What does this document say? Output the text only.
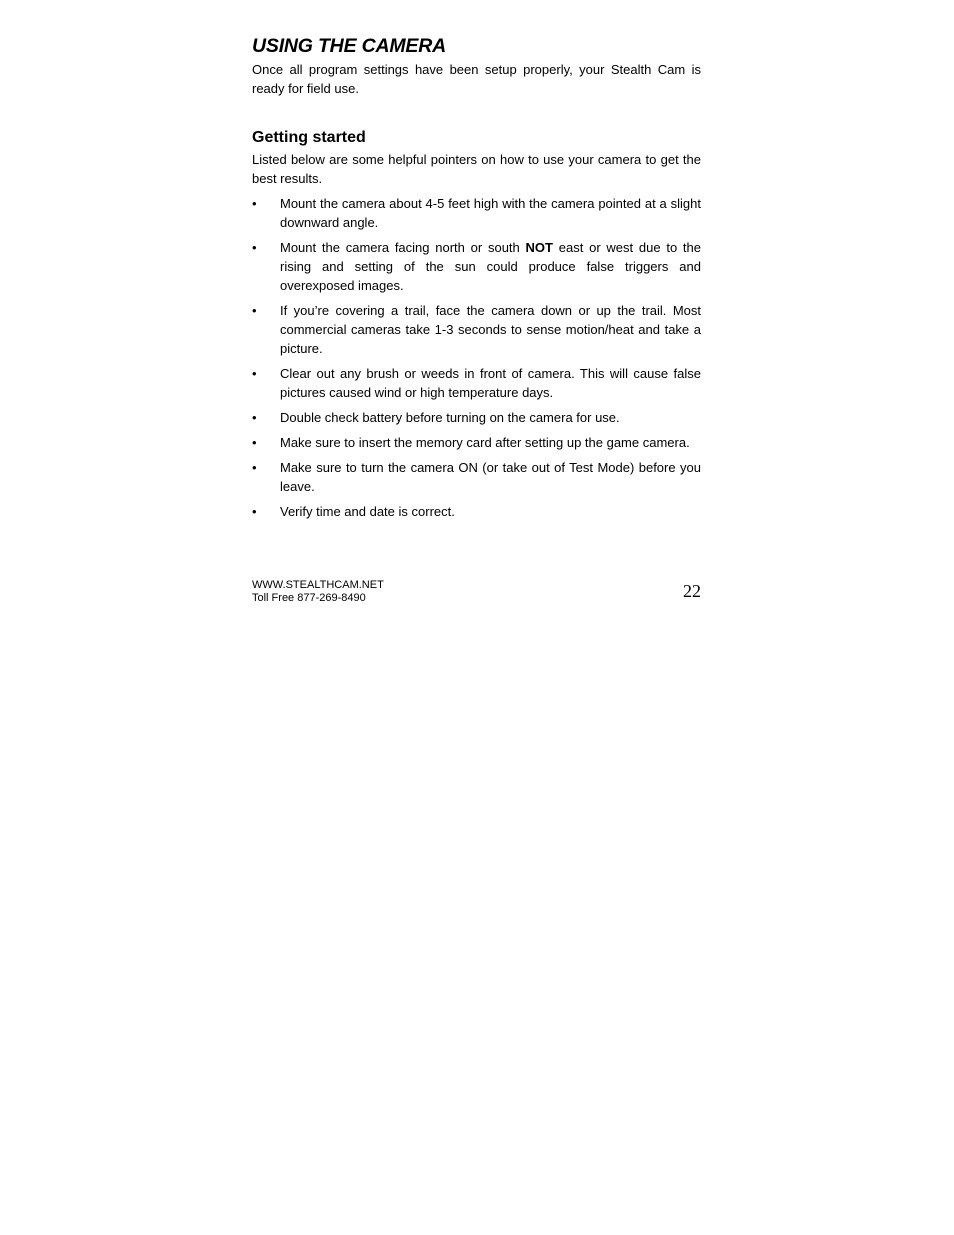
USING THE CAMERA

Once all program settings have been setup properly, your Stealth Cam is ready for field use.

Getting started

Listed below are some helpful pointers on how to use your camera to get the best results.

•	Mount the camera about 4-5 feet high with the camera pointed at a slight downward angle.
•	Mount the camera facing north or south NOT east or west due to the rising and setting of the sun could produce false triggers and overexposed images.
•	If you’re covering a trail, face the camera down or up the trail. Most commercial cameras take 1-3 seconds to sense motion/heat and take a picture.
•	Clear out any brush or weeds in front of camera. This will cause false pictures caused wind or high temperature days.
•	Double check battery before turning on the camera for use.
•	Make sure to insert the memory card after setting up the game camera.
•	Make sure to turn the camera ON (or take out of Test Mode) before you leave.
•	Verify time and date is correct.
WWW.STEALTHCAM.NET
Toll Free 877-269-8490	22
